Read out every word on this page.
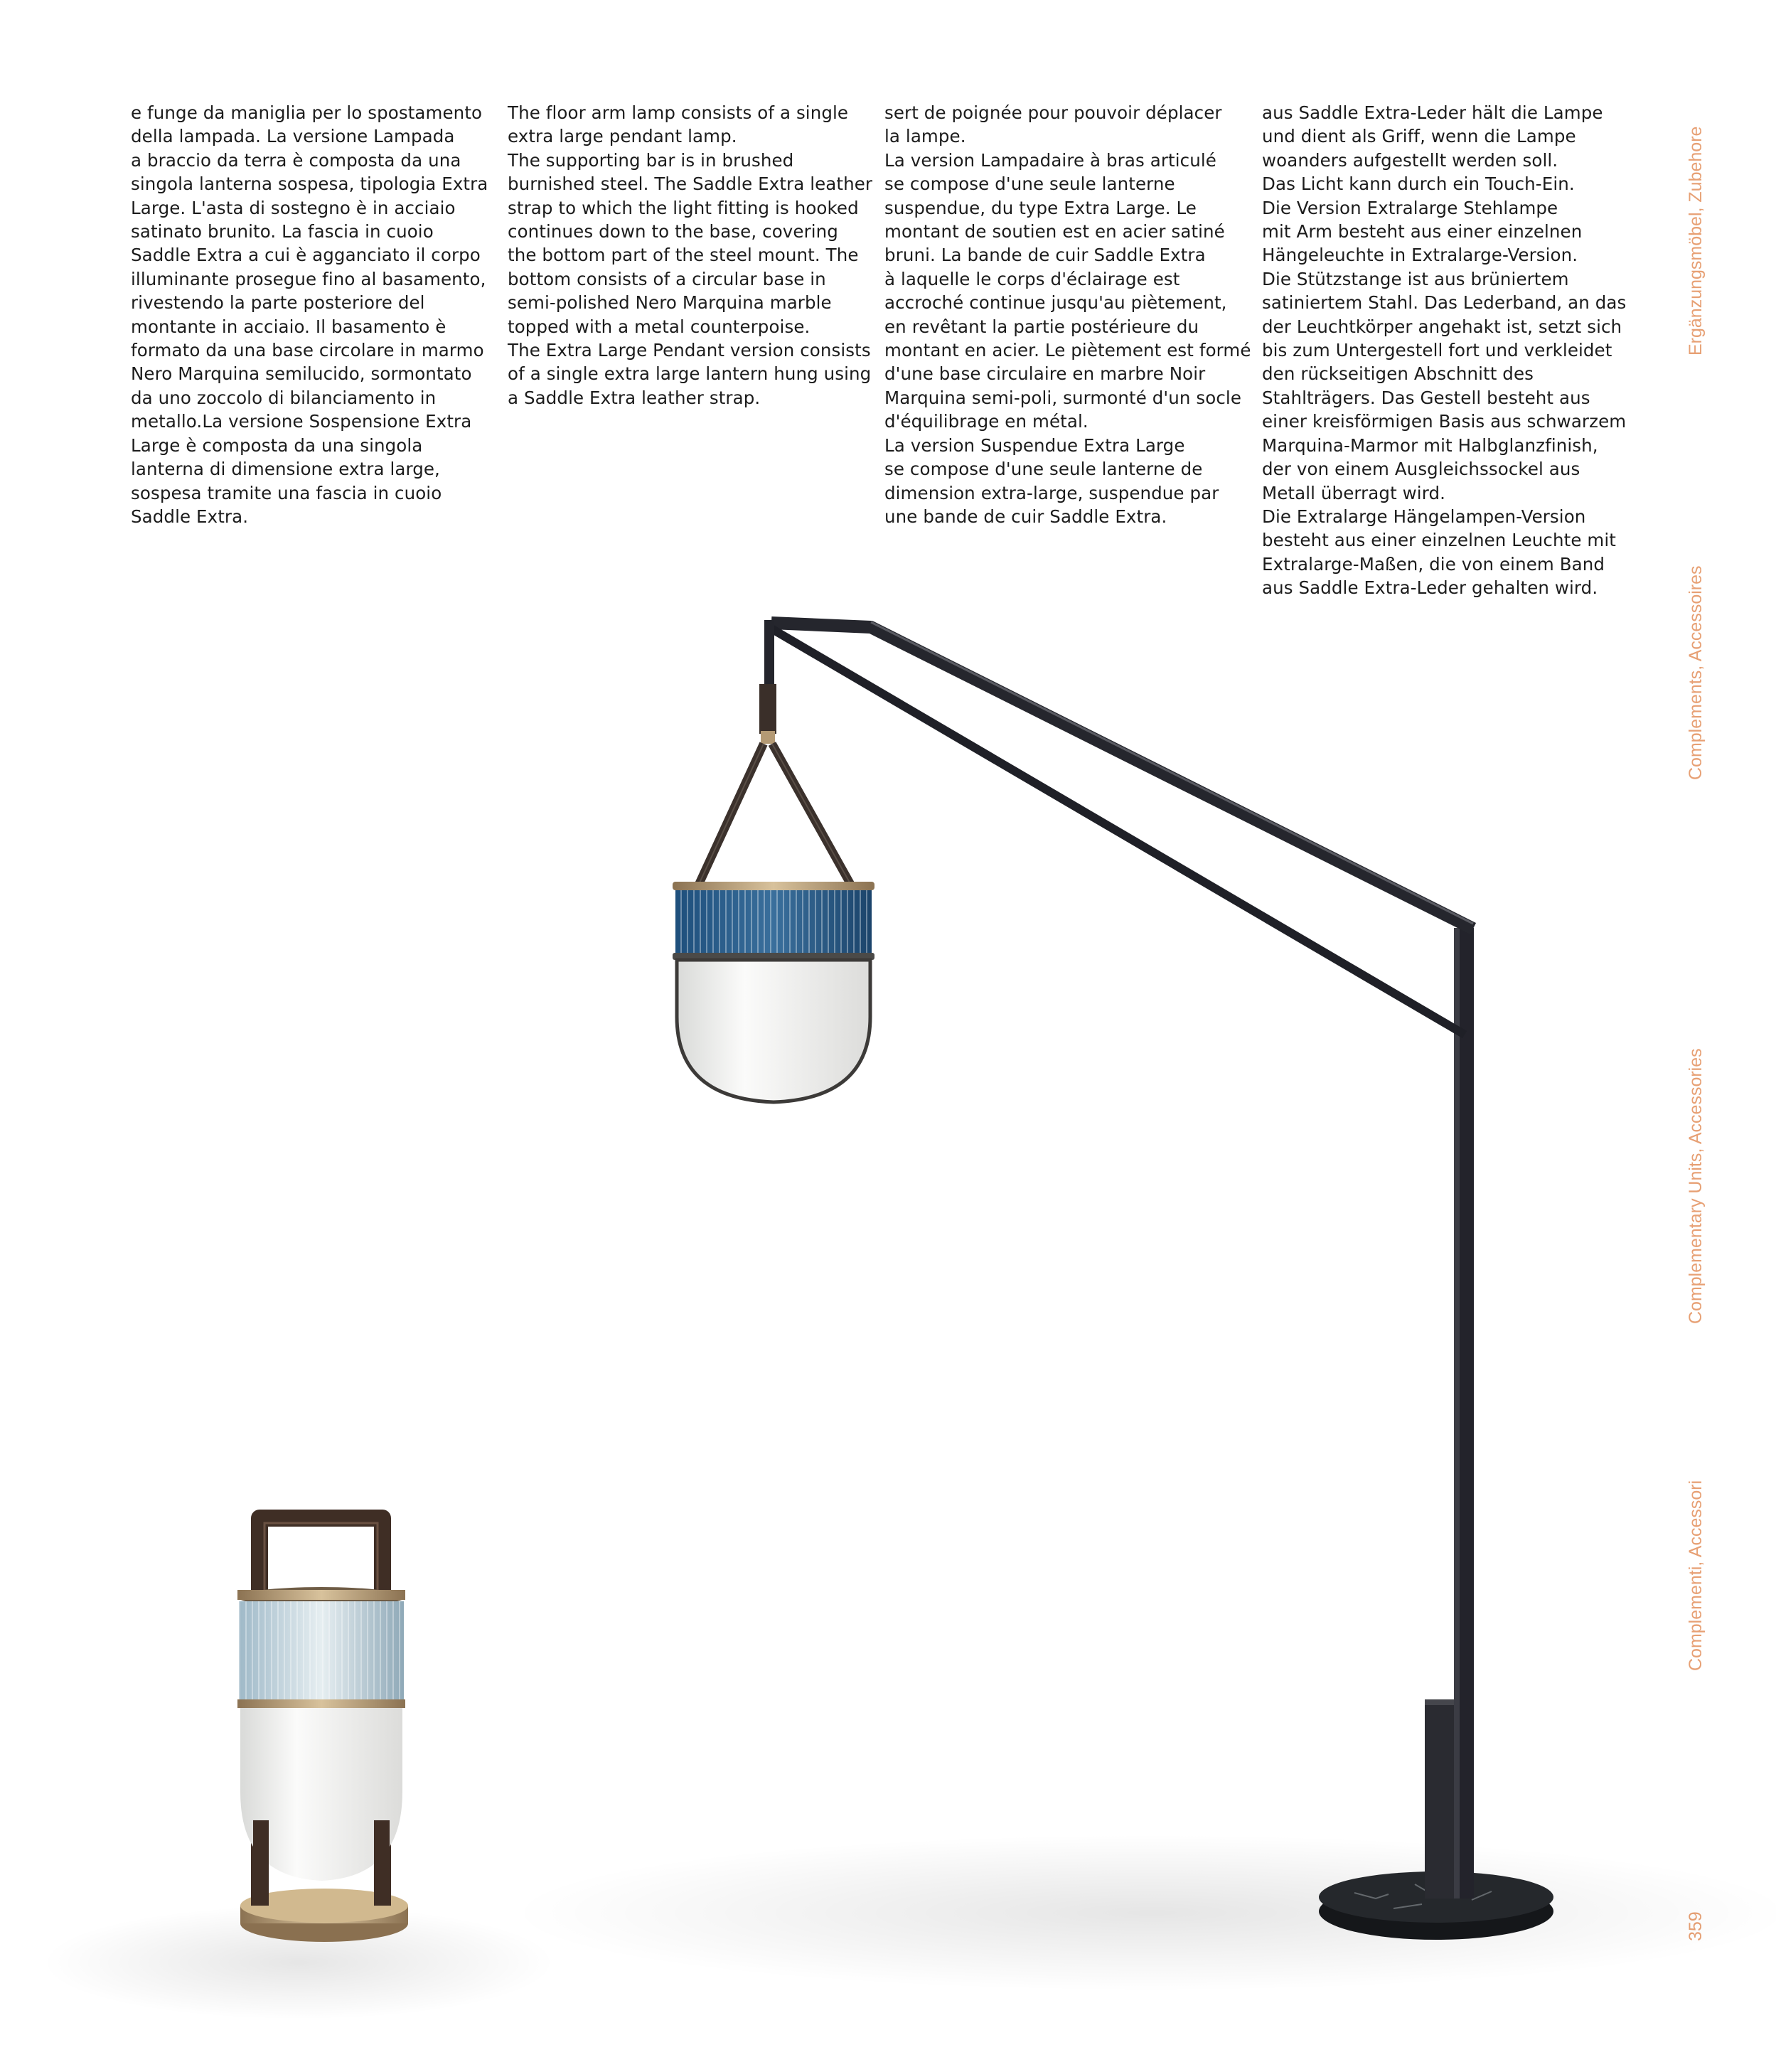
e funge da maniglia per lo spostamento
della lampada. La versione Lampada
a braccio da terra è composta da una
singola lanterna sospesa, tipologia Extra
Large. L'asta di sostegno è in acciaio
satinato brunito. La fascia in cuoio
Saddle Extra a cui è agganciato il corpo
illuminante prosegue fino al basamento,
rivestendo la parte posteriore del
montante in acciaio. Il basamento è
formato da una base circolare in marmo
Nero Marquina semilucido, sormontato
da uno zoccolo di bilanciamento in
metallo.La versione Sospensione Extra
Large è composta da una singola
lanterna di dimensione extra large,
sospesa tramite una fascia in cuoio
Saddle Extra.
The floor arm lamp consists of a single
extra large pendant lamp.
The supporting bar is in brushed
burnished steel. The Saddle Extra leather
strap to which the light fitting is hooked
continues down to the base, covering
the bottom part of the steel mount. The
bottom consists of a circular base in
semi-polished Nero Marquina marble
topped with a metal counterpoise.
The Extra Large Pendant version consists
of a single extra large lantern hung using
a Saddle Extra leather strap.
sert de poignée pour pouvoir déplacer
la lampe.
La version Lampadaire à bras articulé
se compose d'une seule lanterne
suspendue, du type Extra Large. Le
montant de soutien est en acier satiné
bruni. La bande de cuir Saddle Extra
à laquelle le corps d'éclairage est
accroché continue jusqu'au piètement,
en revêtant la partie postérieure du
montant en acier. Le piètement est formé
d'une base circulaire en marbre Noir
Marquina semi-poli, surmonté d'un socle
d'équilibrage en métal.
La version Suspendue Extra Large
se compose d'une seule lanterne de
dimension extra-large, suspendue par
une bande de cuir Saddle Extra.
aus Saddle Extra-Leder hält die Lampe
und dient als Griff, wenn die Lampe
woanders aufgestellt werden soll.
Das Licht kann durch ein Touch-Ein.
Die Version Extralarge Stehlampe
mit Arm besteht aus einer einzelnen
Hängeleuchte in Extralarge-Version.
Die Stützstange ist aus brüniertem
satiniertem Stahl. Das Lederband, an das
der Leuchtkörper angehakt ist, setzt sich
bis zum Untergestell fort und verkleidet
den rückseitigen Abschnitt des
Stahlträgers. Das Gestell besteht aus
einer kreisförmigen Basis aus schwarzem
Marquina-Marmor mit Halbglanzfinish,
der von einem Ausgleichssockel aus
Metall überragt wird.
Die Extralarge Hängelampen-Version
besteht aus einer einzelnen Leuchte mit
Extralarge-Maßen, die von einem Band
aus Saddle Extra-Leder gehalten wird.
Ergänzungsmöbel, Zubehore
Complements, Accessoires
Complementary Units, Accessories
Complementi, Accessori
